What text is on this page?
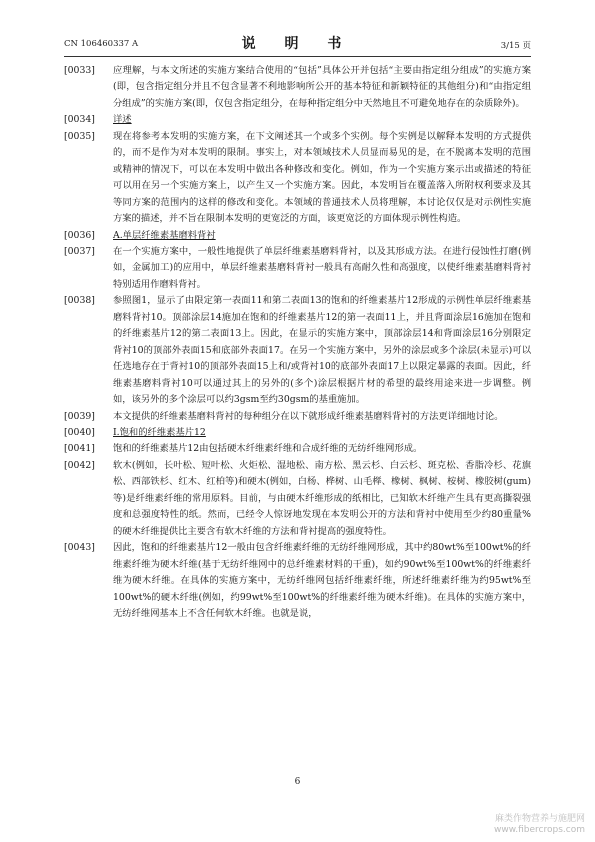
CN 106460337 A	说 明 书	3/15 页
[0033]	应理解，与本文所述的实施方案结合使用的“包括”具体公开并包括“主要由指定组分组成”的实施方案(即，包含指定组分并且不包含显著不利地影响所公开的基本特征和新颖特征的其他组分)和“由指定组分组成”的实施方案(即，仅包含指定组分，在每种指定组分中天然地且不可避免地存在的杂质除外)。
[0034]	详述
[0035]	现在将参考本发明的实施方案，在下文阐述其一个或多个实例。每个实例是以解释本发明的方式提供的，而不是作为对本发明的限制。事实上，对本领域技术人员显而易见的是，在不脱离本发明的范围或精神的情况下，可以在本发明中做出各种修改和变化。例如，作为一个实施方案示出或描述的特征可以用在另一个实施方案上，以产生又一个实施方案。因此，本发明旨在覆盖落入所附权利要求及其等同方案的范围内的这样的修改和变化。本领域的普通技术人员将理解，本讨论仅仅是对示例性实施方案的描述，并不旨在限制本发明的更宽泛的方面，该更宽泛的方面体现示例性构造。
[0036]	A.单层纤维素基磨料背衬
[0037]	在一个实施方案中，一般性地提供了单层纤维素基磨料背衬，以及其形成方法。在进行侵蚀性打磨(例如，金属加工)的应用中，单层纤维素基磨料背衬一般具有高耐久性和高强度，以使纤维素基磨料背衬特别适用作磨料背衬。
[0038]	参照图1，显示了由限定第一表面11和第二表面13的饱和的纤维素基片12形成的示例性单层纤维素基磨料背衬10。顶部涂层14施加在饱和的纤维素基片12的第一表面11上，并且背面涂层16施加在饱和的纤维素基片12的第二表面13上。因此，在显示的实施方案中，顶部涂层14和背面涂层16分别限定背衬10的顶部外表面15和底部外表面17。在另一个实施方案中，另外的涂层或多个涂层(未显示)可以任选地存在于背衬10的顶部外表面15上和/或背衬10的底部外表面17上以限定暴露的表面。因此，纤维素基磨料背衬10可以通过其上的另外的(多个)涂层根据片材的希望的最终用途来进一步调整。例如，该另外的多个涂层可以约3gsm至约30gsm的基重施加。
[0039]	本文提供的纤维素基磨料背衬的每种组分在以下就形成纤维素基磨料背衬的方法更详细地讨论。
[0040]	I.饱和的纤维素基片12
[0041]	饱和的纤维素基片12由包括硬木纤维素纤维和合成纤维的无纺纤维网形成。
[0042]	软木(例如，长叶松、短叶松、火炬松、湿地松、南方松、黑云杉、白云杉、斑克松、香脂冷杉、花旗松、西部铁杉、红木、红柏等)和硬木(例如，白杨、桦树、山毛榉、橡树、枫树、桉树、橡胶树(gum)等)是纤维素纤维的常用原料。目前，与由硬木纤维形成的纸相比，已知软木纤维产生具有更高撕裂强度和总强度特性的纸。然而，已经令人惊讶地发现在本发明公开的方法和背衬中使用至少约80重量%的硬木纤维提供比主要含有软木纤维的方法和背衬提高的强度特性。
[0043]	因此，饱和的纤维素基片12一般由包含纤维素纤维的无纺纤维网形成，其中约80wt%至100wt%的纤维素纤维为硬木纤维(基于无纺纤维网中的总纤维素材料的干重)，如约90wt%至100wt%的纤维素纤维为硬木纤维。在具体的实施方案中，无纺纤维网包括纤维素纤维，所述纤维素纤维为约95wt%至100wt%的硬木纤维(例如，约99wt%至100wt%的纤维素纤维为硬木纤维)。在具体的实施方案中，无纺纤维网基本上不含任何软木纤维。也就是说，
6
麻类作物营养与施肥网
www.fibercrops.com
